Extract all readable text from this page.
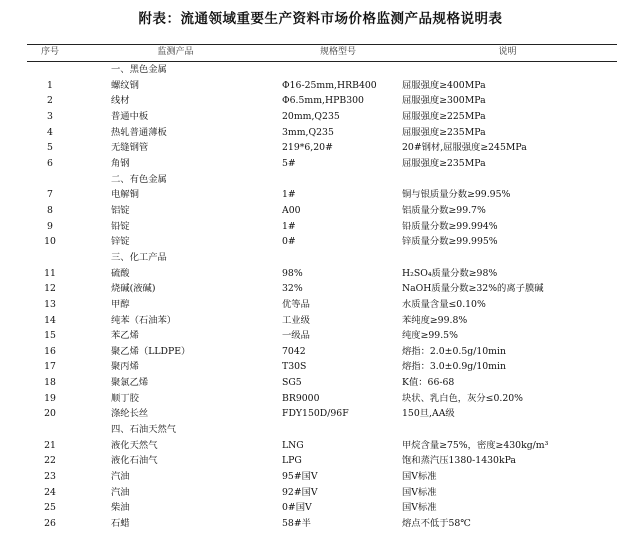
附表：流通领域重要生产资料市场价格监测产品规格说明表
序号	监测产品	规格型号	说明
	一、黑色金属		
1	螺纹钢	Φ16-25mm,HRB400	屈服强度≥400MPa
2	线材	Φ6.5mm,HPB300	屈服强度≥300MPa
3	普通中板	20mm,Q235	屈服强度≥225MPa
4	热轧普通薄板	3mm,Q235	屈服强度≥235MPa
5	无缝钢管	219*6,20#	20#钢材,屈服强度≥245MPa
6	角钢	5#	屈服强度≥235MPa
	二、有色金属		
7	电解铜	1#	铜与银质量分数≥99.95%
8	铝锭	A00	铝质量分数≥99.7%
9	铅锭	1#	铅质量分数≥99.994%
10	锌锭	0#	锌质量分数≥99.995%
	三、化工产品		
11	硫酸	98%	H₂SO₄质量分数≥98%
12	烧碱(液碱)	32%	NaOH质量分数≥32%的离子膜碱
13	甲醇	优等品	水质量含量≤0.10%
14	纯苯（石油苯）	工业级	苯纯度≥99.8%
15	苯乙烯	一级品	纯度≥99.5%
16	聚乙烯（LLDPE）	7042	熔指：2.0±0.5g/10min
17	聚丙烯	T30S	熔指：3.0±0.9g/10min
18	聚氯乙烯	SG5	K值：66-68
19	顺丁胶	BR9000	块状、乳白色，灰分≤0.20%
20	涤纶长丝	FDY150D/96F	150旦,AA级
	四、石油天然气		
21	液化天然气	LNG	甲烷含量≥75%，密度≥430kg/m³
22	液化石油气	LPG	饱和蒸汽压1380-1430kPa
23	汽油	95#国Ⅴ	国Ⅴ标准
24	汽油	92#国Ⅴ	国Ⅴ标准
25	柴油	0#国Ⅴ	国Ⅴ标准
26	石蜡	58#半	熔点不低于58℃
